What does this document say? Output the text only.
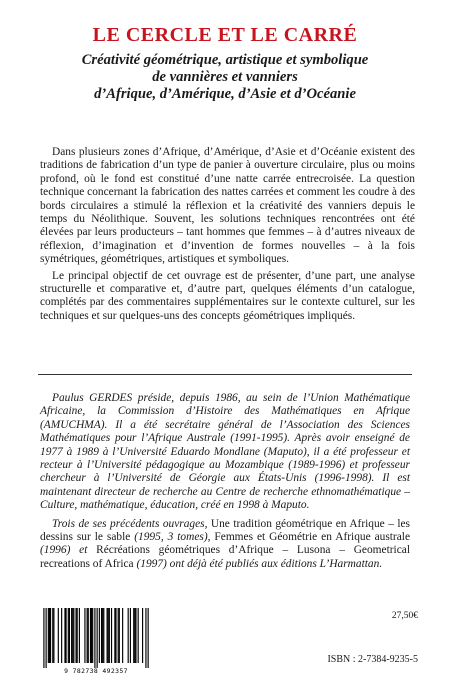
LE CERCLE ET LE CARRÉ
Créativité géométrique, artistique et symbolique
de vannières et vanniers
d’Afrique, d’Amérique, d’Asie et d’Océanie

Dans plusieurs zones d’Afrique, d’Amérique, d’Asie et d’Océanie existent des traditions de fabrication d’un type de panier à ouverture circulaire, plus ou moins profond, où le fond est constitué d’une natte carrée entrecroisée. La question technique concernant la fabrication des nattes carrées et comment les coudre à des bords circulaires a stimulé la réflexion et la créativité des vanniers depuis le temps du Néolithique. Souvent, les solutions techniques rencontrées ont été élevées par leurs producteurs – tant hommes que femmes – à d’autres niveaux de réflexion, d’imagination et d’invention de formes nouvelles – à la fois symétriques, géométriques, artistiques et symboliques.

Le principal objectif de cet ouvrage est de présenter, d’une part, une analyse structurelle et comparative et, d’autre part, quelques éléments d’un catalogue, complétés par des commentaires supplémentaires sur le contexte culturel, sur les techniques et sur quelques-uns des concepts géométriques impliqués.

Paulus GERDES préside, depuis 1986, au sein de l’Union Mathématique Africaine, la Commission d’Histoire des Mathématiques en Afrique (AMUCHMA). Il a été secrétaire général de l’Association des Sciences Mathématiques pour l’Afrique Australe (1991-1995). Après avoir enseigné de 1977 à 1989 à l’Université Eduardo Mondlane (Maputo), il a été professeur et recteur à l’Université pédagogique au Mozambique (1989-1996) et professeur chercheur à l’Université de Géorgie aux États-Unis (1996-1998). Il est maintenant directeur de recherche au Centre de recherche ethnomathématique – Culture, mathématique, éducation, créé en 1998 à Maputo.

Trois de ses précédents ouvrages, Une tradition géométrique en Afrique – les dessins sur le sable (1995, 3 tomes), Femmes et Géométrie en Afrique australe (1996) et Récréations géométriques d’Afrique – Lusona – Geometrical recreations of Africa (1997) ont déjà été publiés aux éditions L’Harmattan.

9 782738 492357
27,50€
ISBN : 2-7384-9235-5
